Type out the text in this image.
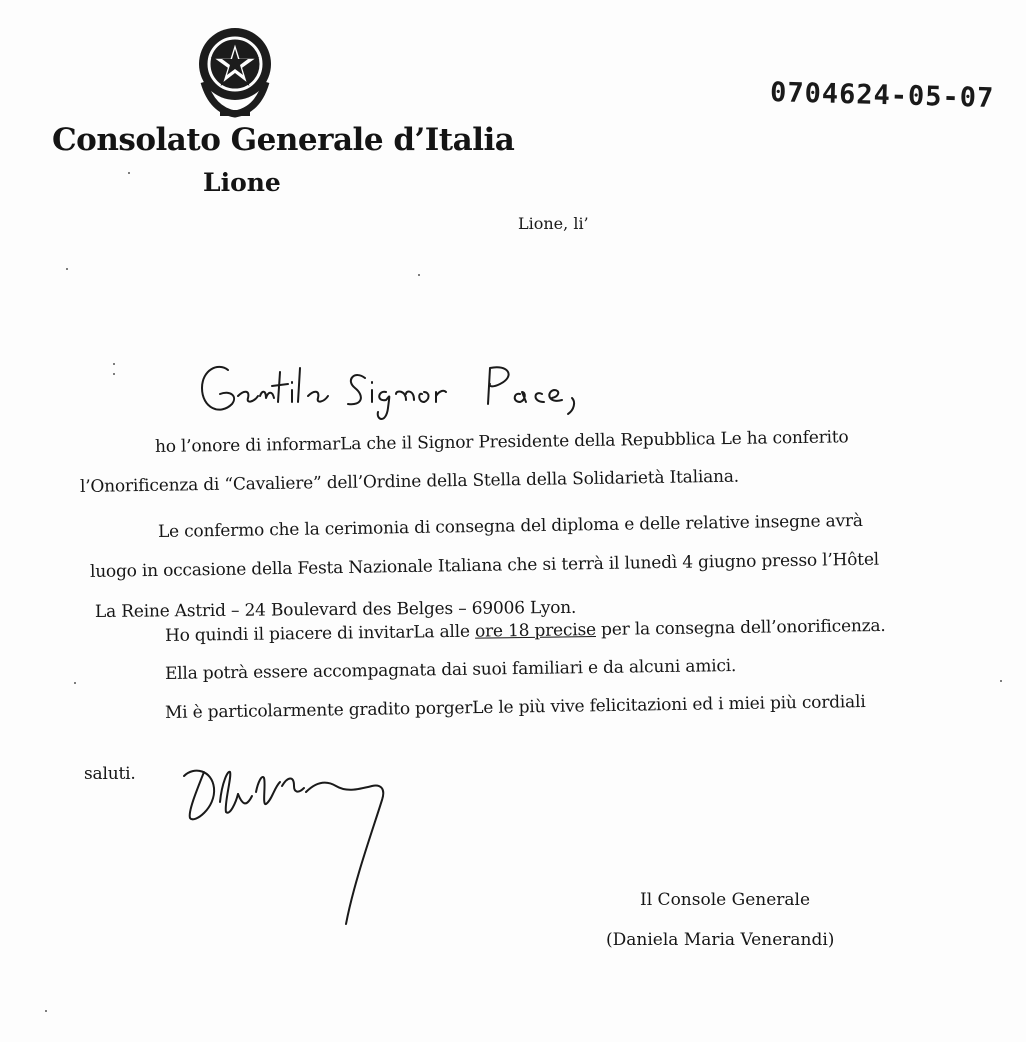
Consolato Generale d’Italia
Lione
0704624-05-07
Lione, li’
ho l’onore di informarLa che il Signor Presidente della Repubblica Le ha conferito
l’Onorificenza di “Cavaliere” dell’Ordine della Stella della Solidarietà Italiana.
Le confermo che la cerimonia di consegna del diploma e delle relative insegne avrà
luogo in occasione della Festa Nazionale Italiana che si terrà il lunedì 4 giugno presso l’Hôtel
La Reine Astrid – 24 Boulevard des Belges – 69006 Lyon.
Ho quindi il piacere di invitarLa alle ore 18 precise per la consegna dell’onorificenza.
Ella potrà essere accompagnata dai suoi familiari e da alcuni amici.
Mi è particolarmente gradito porgerLe le più vive felicitazioni ed i miei più cordiali
saluti.
Il Console Generale
(Daniela Maria Venerandi)
